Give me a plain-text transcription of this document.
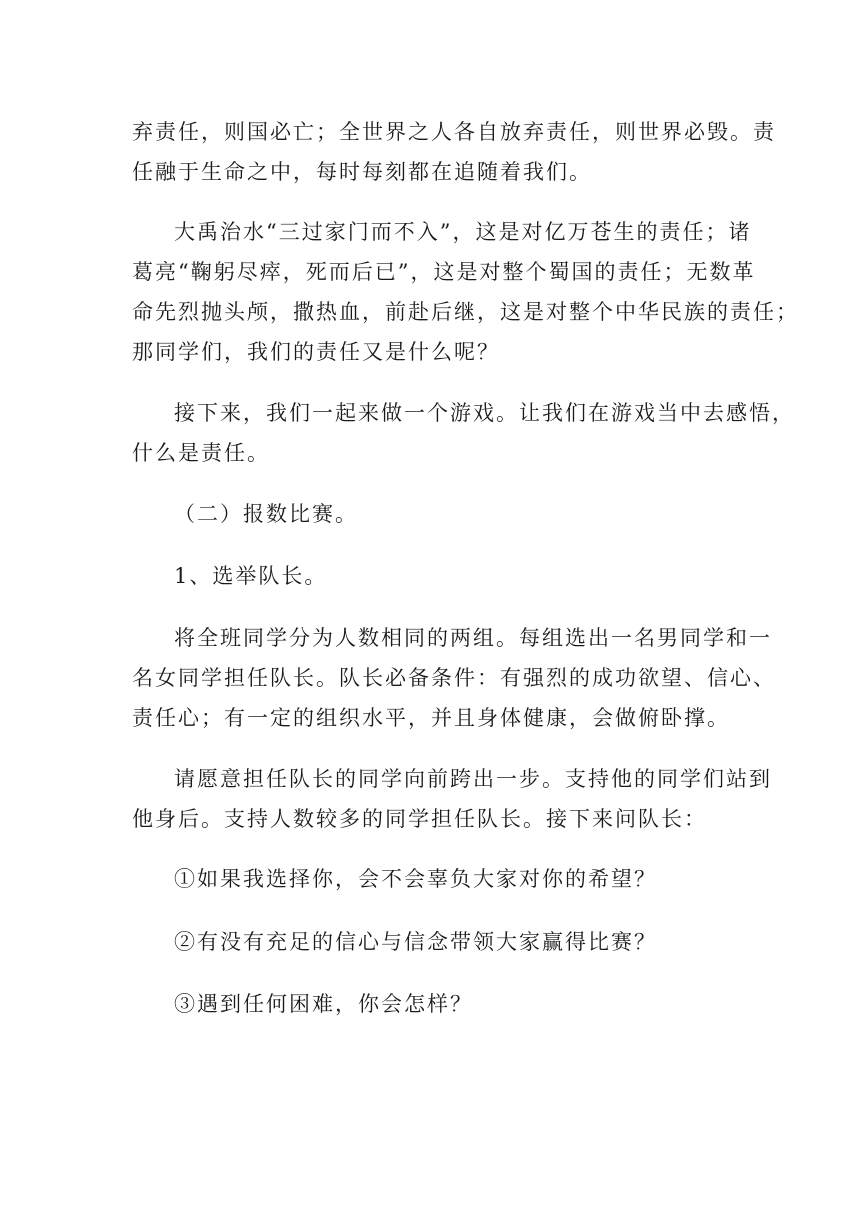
弃责任，则国必亡；全世界之人各自放弃责任，则世界必毁。责
任融于生命之中，每时每刻都在追随着我们。
大禹治水“三过家门而不入”，这是对亿万苍生的责任；诸
葛亮“鞠躬尽瘁，死而后已”，这是对整个蜀国的责任；无数革
命先烈抛头颅，撒热血，前赴后继，这是对整个中华民族的责任；
那同学们，我们的责任又是什么呢？
接下来，我们一起来做一个游戏。让我们在游戏当中去感悟，
什么是责任。
（二）报数比赛。
1、选举队长。
将全班同学分为人数相同的两组。每组选出一名男同学和一
名女同学担任队长。队长必备条件：有强烈的成功欲望、信心、
责任心；有一定的组织水平，并且身体健康，会做俯卧撑。
请愿意担任队长的同学向前跨出一步。支持他的同学们站到
他身后。支持人数较多的同学担任队长。接下来问队长：
①如果我选择你，会不会辜负大家对你的希望？
②有没有充足的信心与信念带领大家赢得比赛？
③遇到任何困难，你会怎样？
